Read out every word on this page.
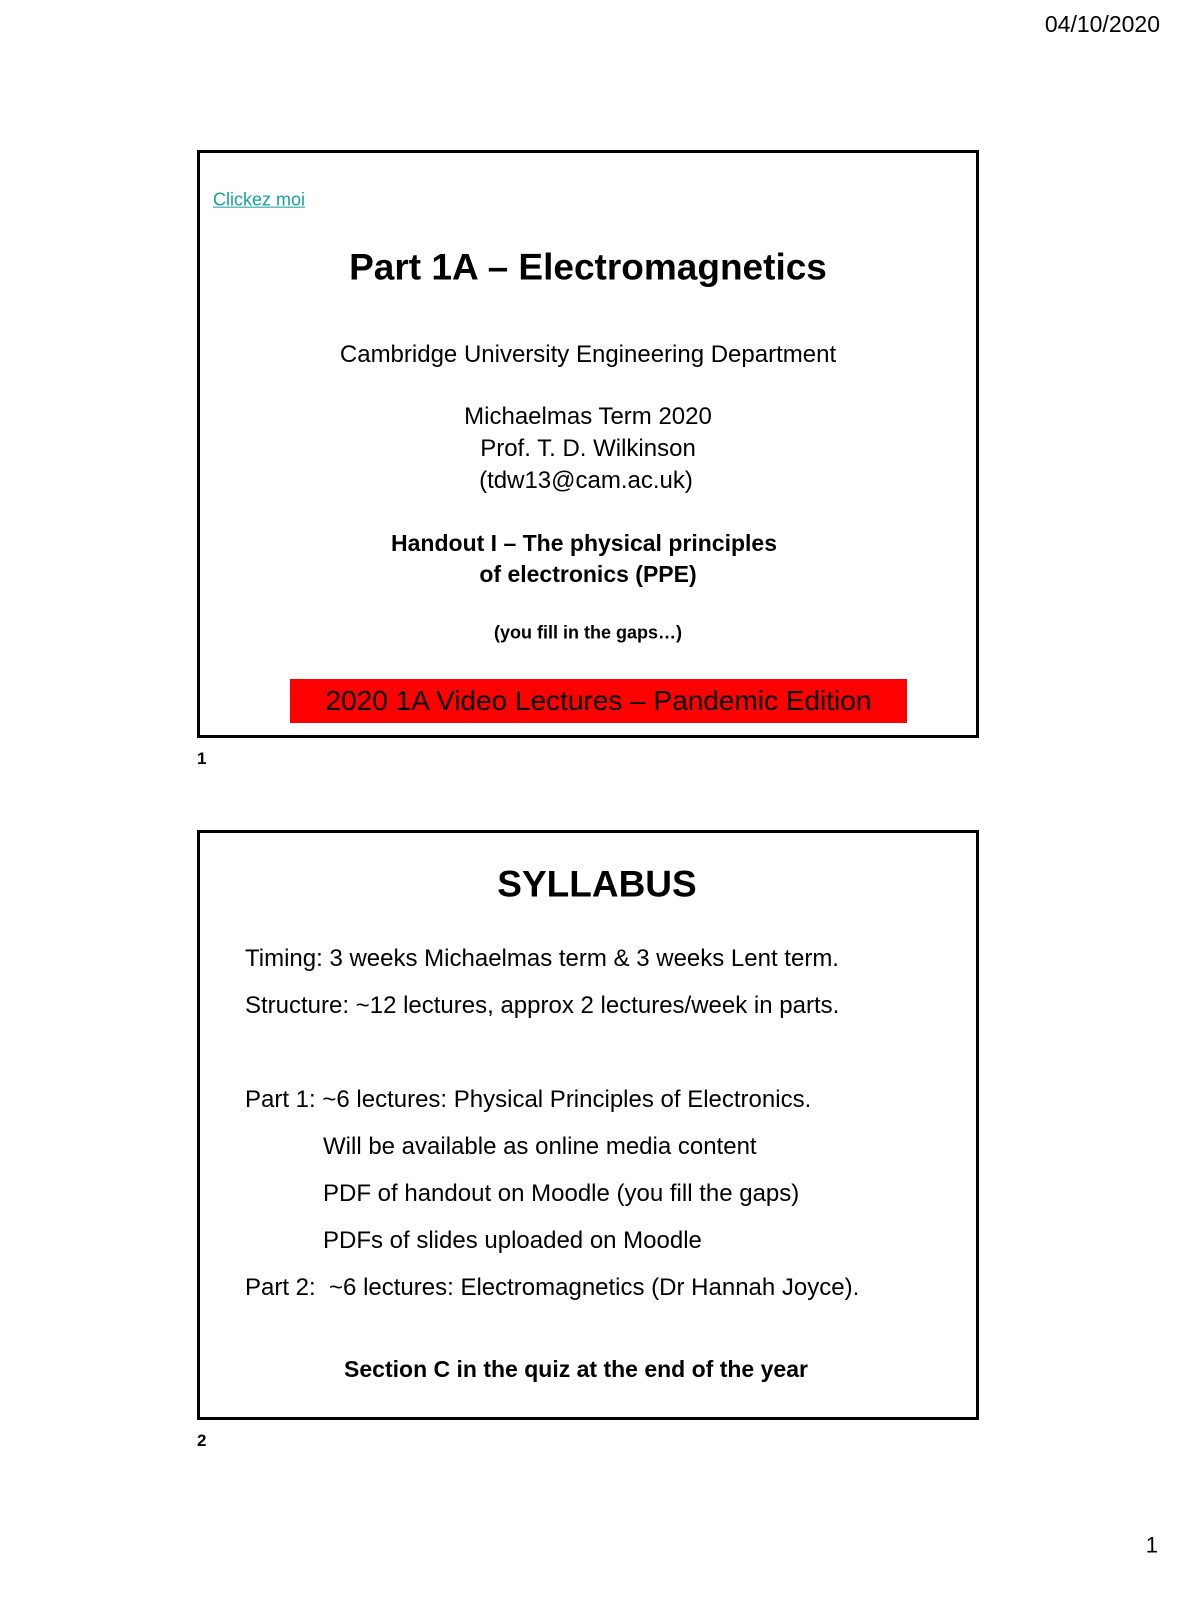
04/10/2020
Clickez moi
Part 1A – Electromagnetics
Cambridge University Engineering Department
Michaelmas Term 2020
Prof. T. D. Wilkinson
(tdw13@cam.ac.uk)
Handout I – The physical principles
of electronics (PPE)
(you fill in the gaps…)
2020 1A Video Lectures – Pandemic Edition
1
SYLLABUS
Timing: 3 weeks Michaelmas term & 3 weeks Lent term.
Structure: ~12 lectures, approx 2 lectures/week in parts.
Part 1: ~6 lectures: Physical Principles of Electronics.
Will be available as online media content
PDF of handout on Moodle (you fill the gaps)
PDFs of slides uploaded on Moodle
Part 2:  ~6 lectures: Electromagnetics (Dr Hannah Joyce).
Section C in the quiz at the end of the year
2
1
